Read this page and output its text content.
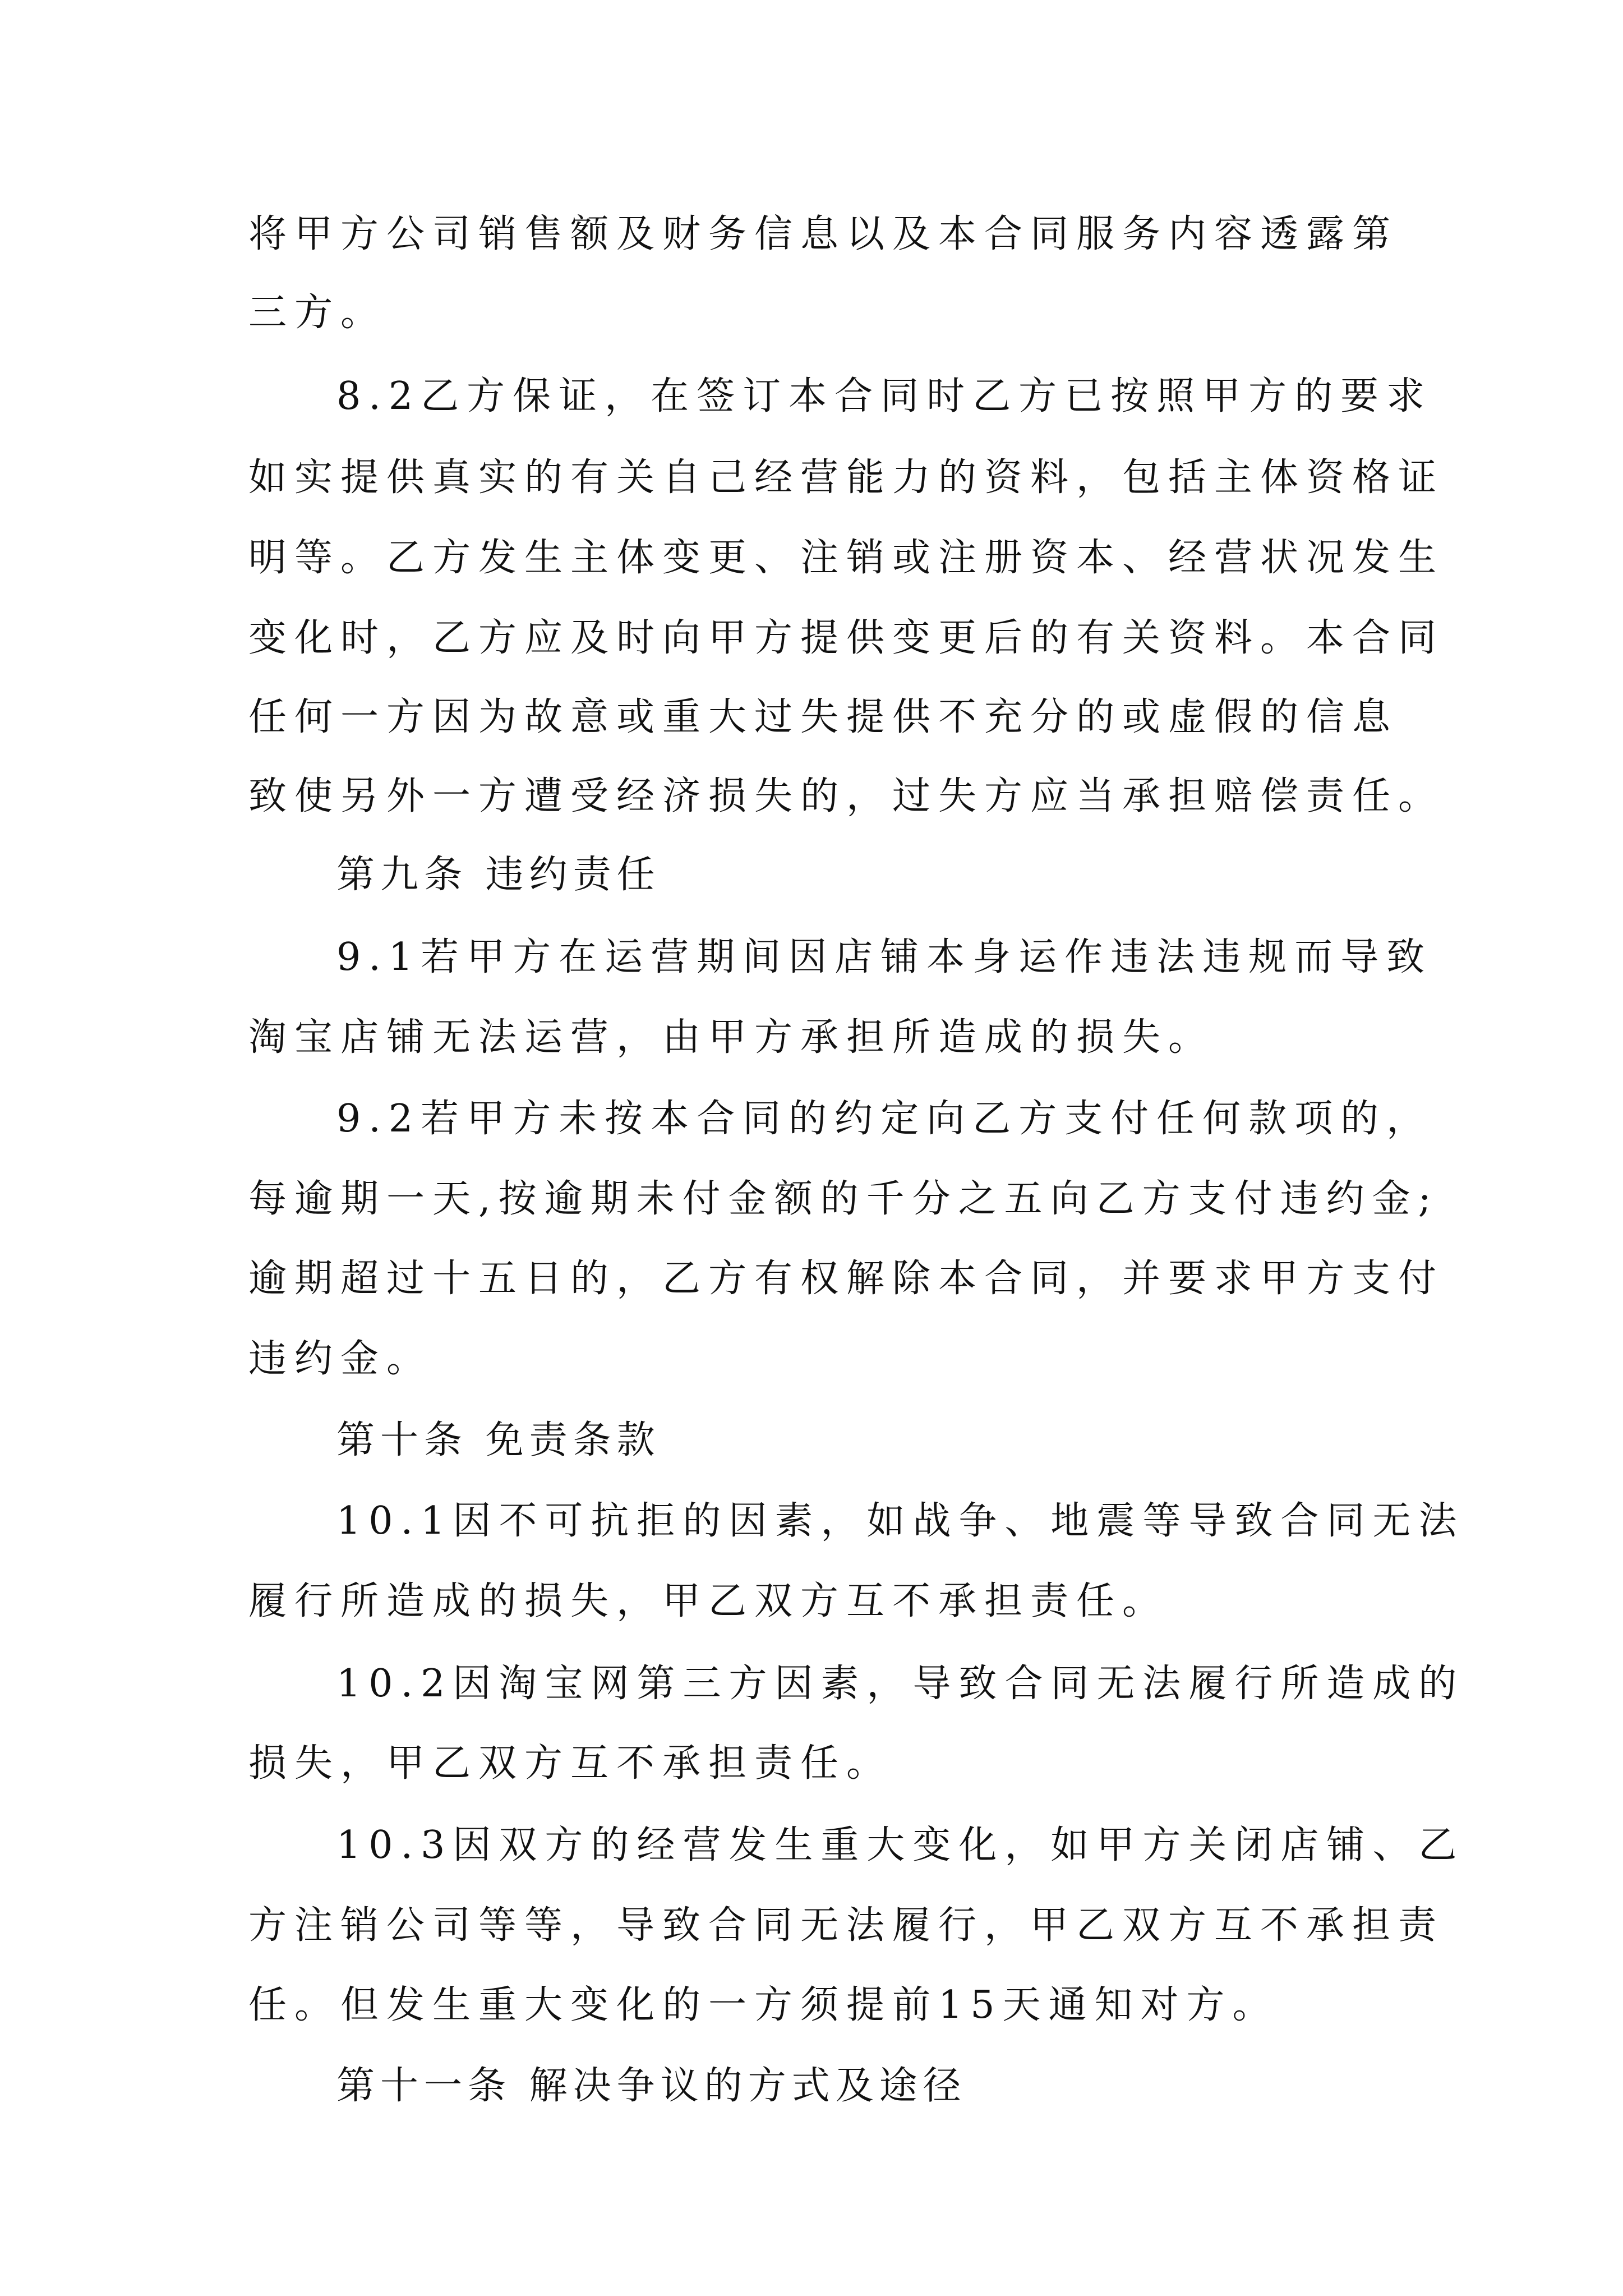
将甲方公司销售额及财务信息以及本合同服务内容透露第
三方。
8.2乙方保证，在签订本合同时乙方已按照甲方的要求
如实提供真实的有关自己经营能力的资料，包括主体资格证
明等。乙方发生主体变更、注销或注册资本、经营状况发生
变化时，乙方应及时向甲方提供变更后的有关资料。本合同
任何一方因为故意或重大过失提供不充分的或虚假的信息
致使另外一方遭受经济损失的，过失方应当承担赔偿责任。
第九条 违约责任
9.1若甲方在运营期间因店铺本身运作违法违规而导致
淘宝店铺无法运营，由甲方承担所造成的损失。
9.2若甲方未按本合同的约定向乙方支付任何款项的，
每逾期一天,按逾期未付金额的千分之五向乙方支付违约金;
逾期超过十五日的，乙方有权解除本合同，并要求甲方支付
违约金。
第十条 免责条款
10.1因不可抗拒的因素，如战争、地震等导致合同无法
履行所造成的损失，甲乙双方互不承担责任。
10.2因淘宝网第三方因素，导致合同无法履行所造成的
损失，甲乙双方互不承担责任。
10.3因双方的经营发生重大变化，如甲方关闭店铺、乙
方注销公司等等，导致合同无法履行，甲乙双方互不承担责
任。但发生重大变化的一方须提前15天通知对方。
第十一条 解决争议的方式及途径
